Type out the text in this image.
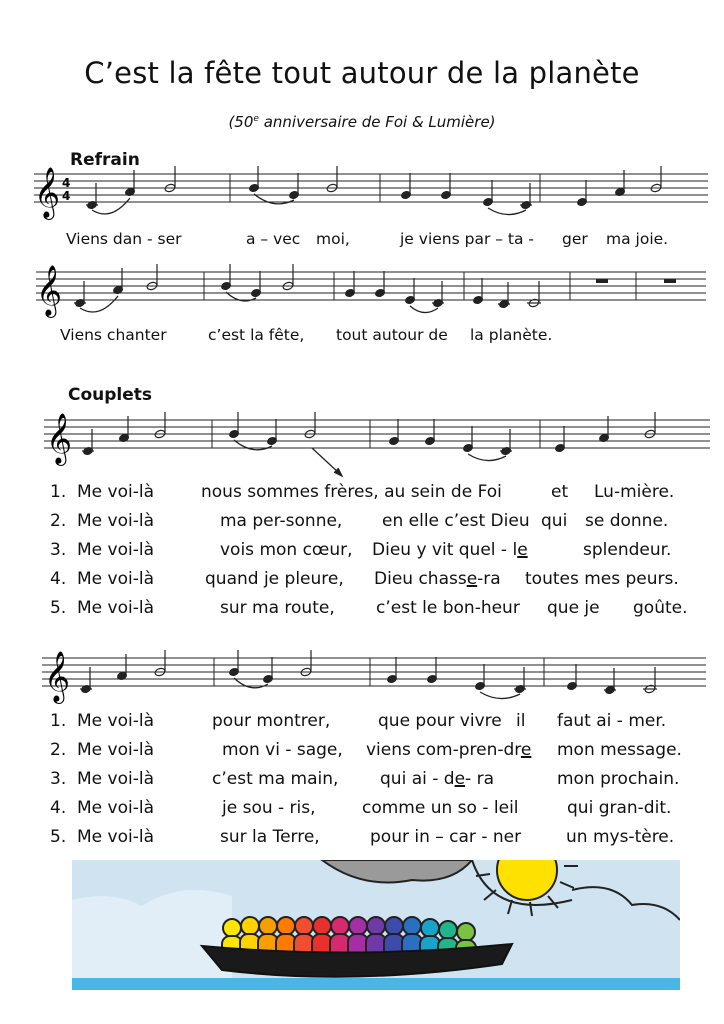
C’est la fête tout autour de la planète
(50e anniversaire de Foi & Lumière)
Refrain
𝄞 4
4
Viens dan - ser	a – vec moi,	je viens par – ta - ger ma joie.
𝄞
Viens chanter	c’est la fête, tout autour de la planète.
Couplets
𝄞
1. Me voi-là	nous sommes frères, au sein de Foi	et Lu-mière.
2. Me voi-là	ma per-sonne, en elle c’est Dieu qui se donne.
3. Me voi-là	vois mon cœur, Dieu y vit quel - le	splendeur.
4. Me voi-là	quand je pleure, Dieu chasse-ra toutes mes peurs.
5. Me voi-là	sur ma route, c’est le bon-heur que je goûte.
𝄞
1. Me voi-là	pour montrer,	que pour vivre il faut ai - mer.
2. Me voi-là	mon vi - sage, viens com-pren-dre mon message.
3. Me voi-là	c’est ma main, qui ai - de- ra	mon prochain.
4. Me voi-là	je sou - ris,	comme un so - leil	qui gran-dit.
5. Me voi-là	sur la Terre,	pour in – car - ner	un mys-tère.
